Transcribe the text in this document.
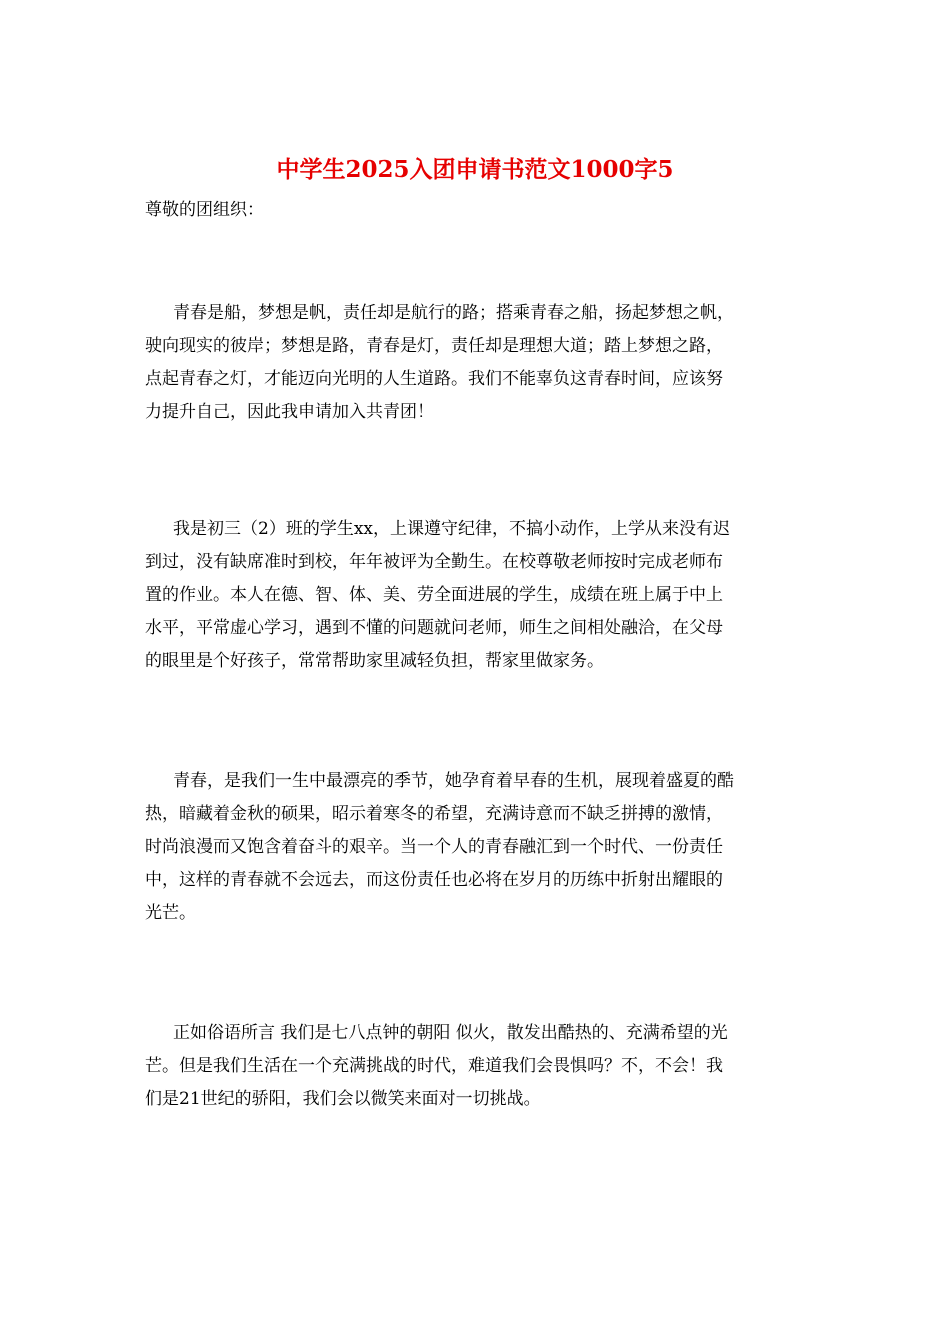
中学生2025入团申请书范文1000字5
尊敬的团组织：
青春是船，梦想是帆，责任却是航行的路；搭乘青春之船，扬起梦想之帆，
驶向现实的彼岸；梦想是路，青春是灯，责任却是理想大道；踏上梦想之路，
点起青春之灯，才能迈向光明的人生道路。我们不能辜负这青春时间，应该努
力提升自己，因此我申请加入共青团！
我是初三（2）班的学生xx，上课遵守纪律，不搞小动作，上学从来没有迟
到过，没有缺席准时到校，年年被评为全勤生。在校尊敬老师按时完成老师布
置的作业。本人在德、智、体、美、劳全面进展的学生，成绩在班上属于中上
水平，平常虚心学习，遇到不懂的问题就问老师，师生之间相处融洽，在父母
的眼里是个好孩子，常常帮助家里减轻负担，帮家里做家务。
青春，是我们一生中最漂亮的季节，她孕育着早春的生机，展现着盛夏的酷
热，暗藏着金秋的硕果，昭示着寒冬的希望，充满诗意而不缺乏拼搏的激情，
时尚浪漫而又饱含着奋斗的艰辛。当一个人的青春融汇到一个时代、一份责任
中，这样的青春就不会远去，而这份责任也必将在岁月的历练中折射出耀眼的
光芒。
正如俗语所言 我们是七八点钟的朝阳 似火，散发出酷热的、充满希望的光
芒。但是我们生活在一个充满挑战的时代，难道我们会畏惧吗？不，不会！我
们是21世纪的骄阳，我们会以微笑来面对一切挑战。
